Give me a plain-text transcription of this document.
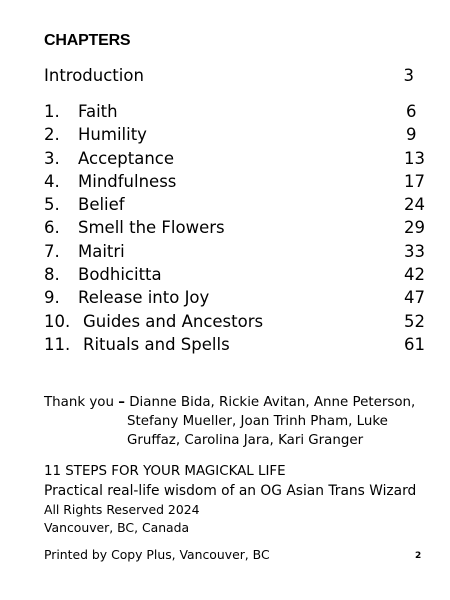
CHAPTERS
Introduction	3
1. Faith	6
2. Humility	9
3. Acceptance	13
4. Mindfulness	17
5. Belief	24
6. Smell the Flowers	29
7. Maitri	33
8. Bodhicitta	42
9. Release into Joy	47
10. Guides and Ancestors	52
11. Rituals and Spells	61
Thank you – Dianne Bida, Rickie Avitan, Anne Peterson,
Stefany Mueller, Joan Trinh Pham, Luke
Gruffaz, Carolina Jara, Kari Granger
11 STEPS FOR YOUR MAGICKAL LIFE
Practical real-life wisdom of an OG Asian Trans Wizard
All Rights Reserved 2024
Vancouver, BC, Canada
Printed by Copy Plus, Vancouver, BC	2
